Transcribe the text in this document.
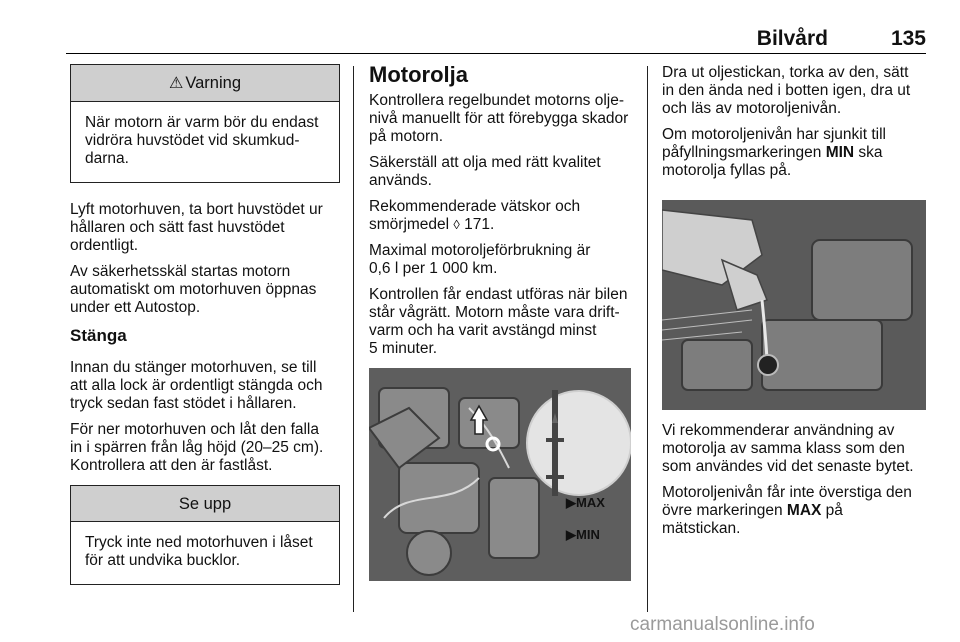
Bilvård	135
⚠ Varning
När motorn är varm bör du endast
vidröra huvstödet vid skumkud-
darna.

Lyft motorhuven, ta bort huvstödet ur
hållaren och sätt fast huvstödet
ordentligt.

Av säkerhetsskäl startas motorn
automatiskt om motorhuven öppnas
under ett Autostop.

Stänga

Innan du stänger motorhuven, se till
att alla lock är ordentligt stängda och
tryck sedan fast stödet i hållaren.

För ner motorhuven och låt den falla
in i spärren från låg höjd (20–25 cm).
Kontrollera att den är fastlåst.

Se upp
Tryck inte ned motorhuven i låset
för att undvika bucklor.
Motorolja

Kontrollera regelbundet motorns olje-
nivå manuellt för att förebygga skador
på motorn.

Säkerställ att olja med rätt kvalitet
används.

Rekommenderade vätskor och
smörjmedel ◊ 171.

Maximal motoroljeförbrukning är
0,6 l per 1 000 km.

Kontrollen får endast utföras när bilen
står vågrätt. Motorn måste vara drift-
varm och ha varit avstängd minst
5 minuter.

▶MAX
▶MIN

Dra ut oljestickan, torka av den, sätt
in den ända ned i botten igen, dra ut
och läs av motoroljenivån.

Om motoroljenivån har sjunkit till
påfyllningsmarkeringen MIN ska
motorolja fyllas på.

Vi rekommenderar användning av
motorolja av samma klass som den
som användes vid det senaste bytet.

Motoroljenivån får inte överstiga den
övre markeringen MAX på
mätstickan.

carmanualsonline.info
